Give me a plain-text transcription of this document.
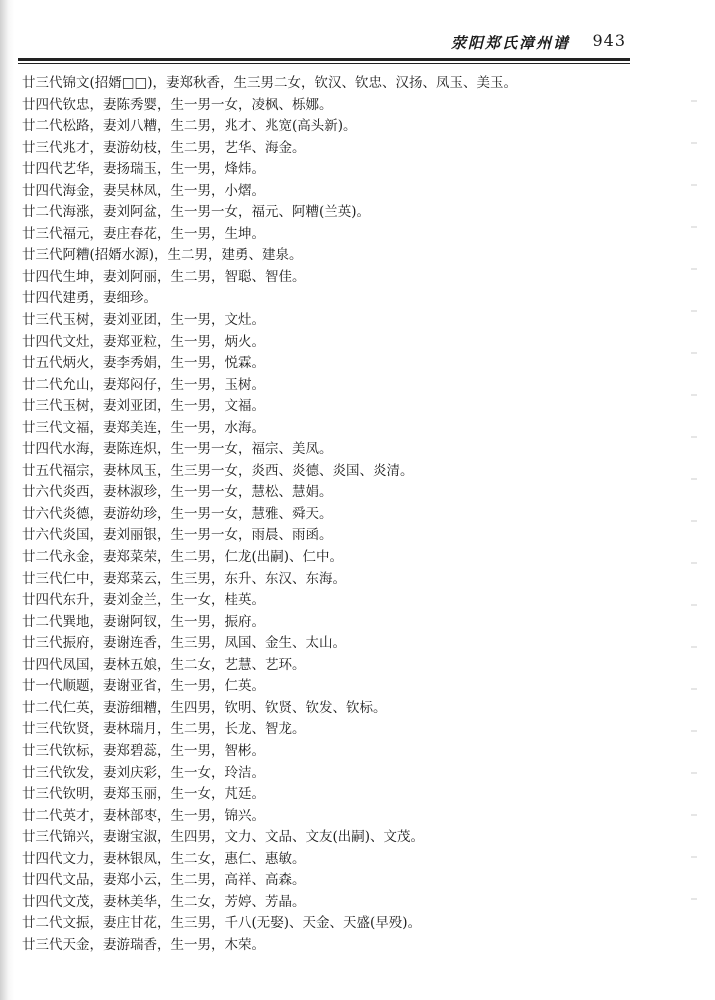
荥阳郑氏漳州谱 943
廿三代锦文(招婿□□)，妻郑秋香，生三男二女，钦汉、钦忠、汉扬、凤玉、美玉。
廿四代钦忠，妻陈秀婴，生一男一女，凌枫、栎娜。
廿二代松路，妻刘八糟，生二男，兆才、兆宽(高头新)。
廿三代兆才，妻游幼枝，生二男，艺华、海金。
廿四代艺华，妻扬瑞玉，生一男，烽炜。
廿四代海金，妻吴林凤，生一男，小熠。
廿二代海涨，妻刘阿盆，生一男一女，福元、阿糟(兰英)。
廿三代福元，妻庄春花，生一男，生坤。
廿三代阿糟(招婿水源)，生二男，建勇、建泉。
廿四代生坤，妻刘阿丽，生二男，智聪、智佳。
廿四代建勇，妻细珍。
廿三代玉树，妻刘亚团，生一男，文灶。
廿四代文灶，妻郑亚粒，生一男，炳火。
廿五代炳火，妻李秀娟，生一男，悦霖。
廿二代允山，妻郑闷仔，生一男，玉树。
廿三代玉树，妻刘亚团，生一男，文福。
廿三代文福，妻郑美连，生一男，水海。
廿四代水海，妻陈连炽，生一男一女，福宗、美凤。
廿五代福宗，妻林凤玉，生三男一女，炎西、炎德、炎国、炎清。
廿六代炎西，妻林淑珍，生一男一女，慧松、慧娟。
廿六代炎德，妻游幼珍，生一男一女，慧雅、舜天。
廿六代炎国，妻刘丽银，生一男一女，雨晨、雨函。
廿二代永金，妻郑菜荣，生二男，仁龙(出嗣)、仁中。
廿三代仁中，妻郑菜云，生三男，东升、东汉、东海。
廿四代东升，妻刘金兰，生一女，桂英。
廿二代巽地，妻谢阿钗，生一男，振府。
廿三代振府，妻谢连香，生三男，凤国、金生、太山。
廿四代凤国，妻林五娘，生二女，艺慧、艺环。
廿一代顺题，妻谢亚省，生一男，仁英。
廿二代仁英，妻游细糟，生四男，钦明、钦贤、钦发、钦标。
廿三代钦贤，妻林瑞月，生二男，长龙、智龙。
廿三代钦标，妻郑碧蕊，生一男，智彬。
廿三代钦发，妻刘庆彩，生一女，玲洁。
廿三代钦明，妻郑玉丽，生一女，芃廷。
廿二代英才，妻林部枣，生一男，锦兴。
廿三代锦兴，妻谢宝淑，生四男，文力、文品、文友(出嗣)、文茂。
廿四代文力，妻林银凤，生二女，惠仁、惠敏。
廿四代文品，妻郑小云，生二男，高祥、高森。
廿四代文茂，妻林美华，生二女，芳婷、芳晶。
廿二代文振，妻庄甘花，生三男，千八(无娶)、天金、天盛(早殁)。
廿三代天金，妻游瑞香，生一男，木荣。
